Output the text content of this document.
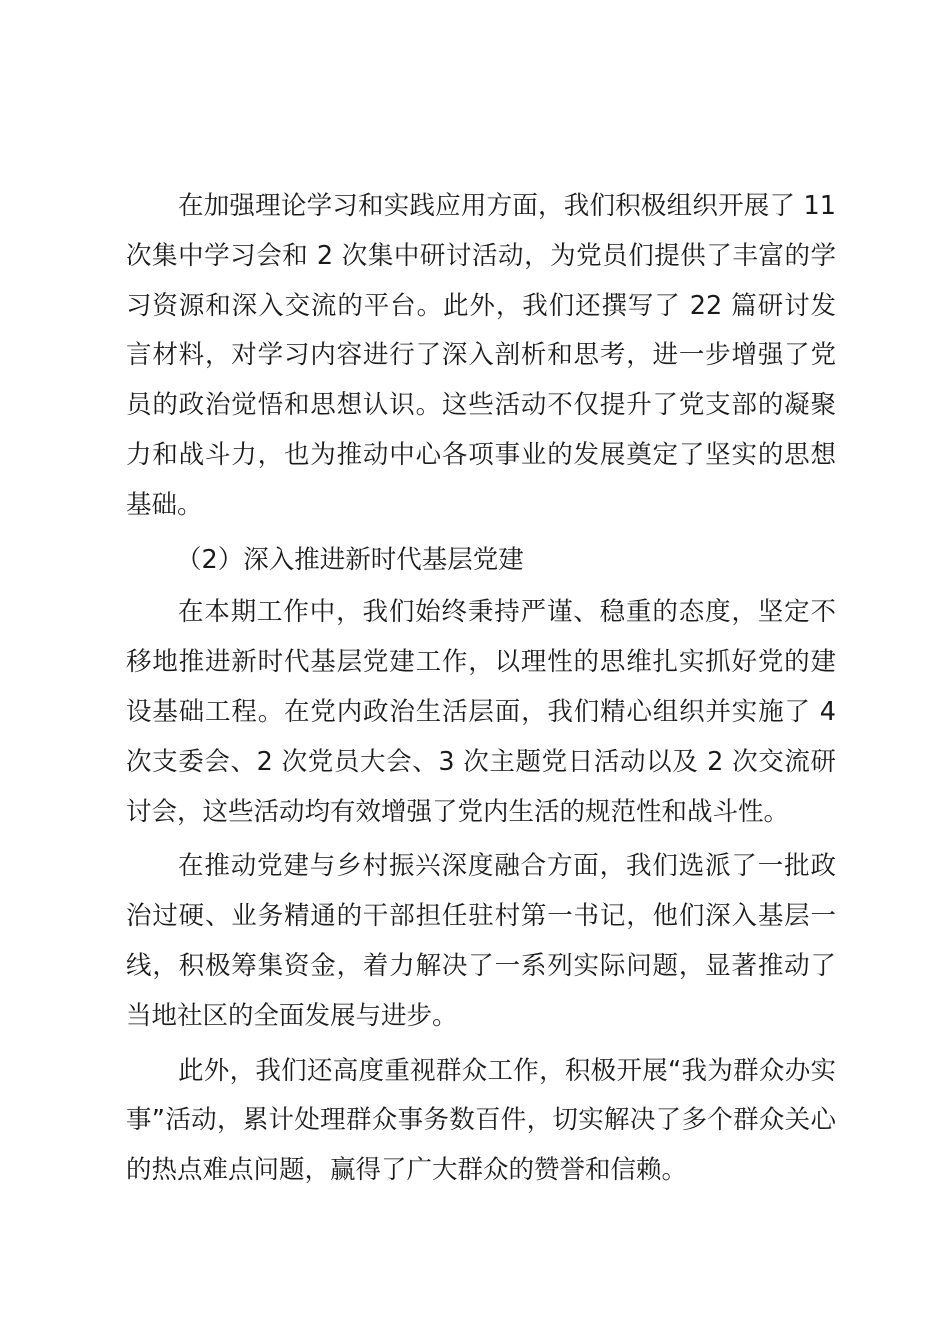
在加强理论学习和实践应用方面，我们积极组织开展了 11 次集中学习会和 2 次集中研讨活动，为党员们提供了丰富的学习资源和深入交流的平台。此外，我们还撰写了 22 篇研讨发言材料，对学习内容进行了深入剖析和思考，进一步增强了党员的政治觉悟和思想认识。这些活动不仅提升了党支部的凝聚力和战斗力，也为推动中心各项事业的发展奠定了坚实的思想基础。

（2）深入推进新时代基层党建

在本期工作中，我们始终秉持严谨、稳重的态度，坚定不移地推进新时代基层党建工作，以理性的思维扎实抓好党的建设基础工程。在党内政治生活层面，我们精心组织并实施了 4 次支委会、2 次党员大会、3 次主题党日活动以及 2 次交流研讨会，这些活动均有效增强了党内生活的规范性和战斗性。

在推动党建与乡村振兴深度融合方面，我们选派了一批政治过硬、业务精通的干部担任驻村第一书记，他们深入基层一线，积极筹集资金，着力解决了一系列实际问题，显著推动了当地社区的全面发展与进步。

此外，我们还高度重视群众工作，积极开展“我为群众办实事”活动，累计处理群众事务数百件，切实解决了多个群众关心的热点难点问题，赢得了广大群众的赞誉和信赖。
